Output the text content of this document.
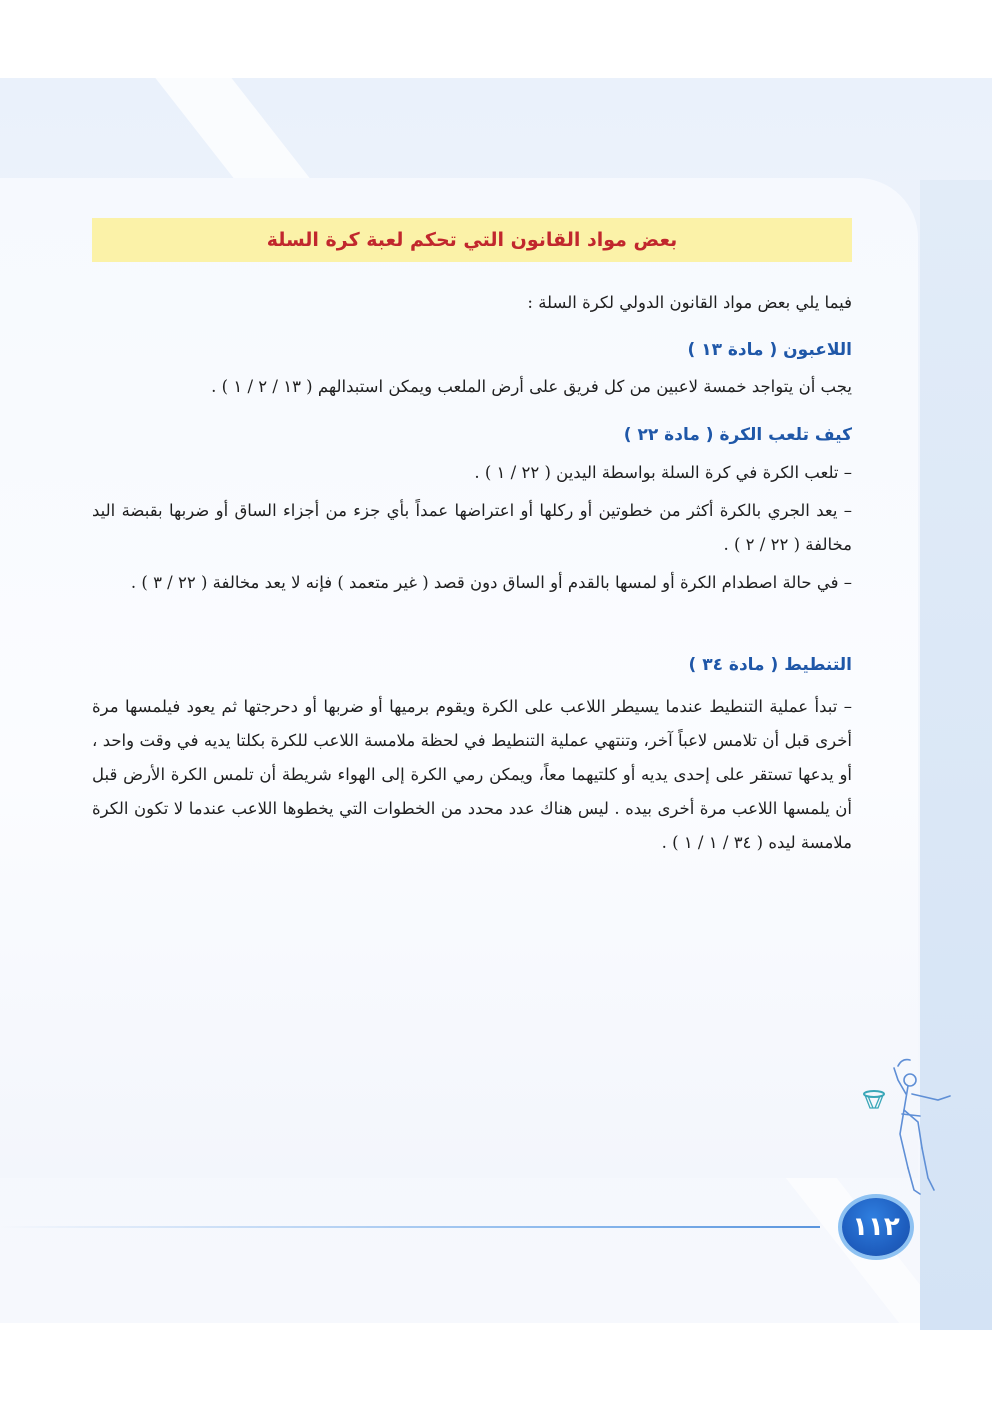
بعض مواد القانون التي تحكم لعبة كرة السلة
فيما يلي بعض مواد القانون الدولي لكرة السلة :
اللاعبون ( مادة ١٣ )
يجب أن يتواجد خمسة لاعبين من كل فريق على أرض الملعب ويمكن استبدالهم ( ١٣ / ٢ / ١ ) .
كيف تلعب الكرة ( مادة ٢٢ )
– تلعب الكرة في كرة السلة بواسطة اليدين ( ٢٢ / ١ ) .
– يعد الجري بالكرة أكثر من خطوتين أو ركلها أو اعتراضها عمداً بأي جزء من أجزاء الساق أو ضربها بقبضة اليد مخالفة ( ٢٢ / ٢ ) .
– في حالة اصطدام الكرة أو لمسها بالقدم أو الساق دون قصد ( غير متعمد ) فإنه لا يعد مخالفة ( ٢٢ / ٣ ) .
التنطيط ( مادة ٣٤ )
– تبدأ عملية التنطيط عندما يسيطر اللاعب على الكرة ويقوم برميها أو ضربها أو دحرجتها ثم يعود فيلمسها مرة أخرى قبل أن تلامس لاعباً آخر، وتنتهي عملية التنطيط في لحظة ملامسة اللاعب للكرة بكلتا يديه في وقت واحد ، أو يدعها تستقر على إحدى يديه أو كلتيهما معاً، ويمكن رمي الكرة إلى الهواء شريطة أن تلمس الكرة الأرض قبل أن يلمسها اللاعب مرة أخرى بيده . ليس هناك عدد محدد من الخطوات التي يخطوها اللاعب عندما لا تكون الكرة ملامسة ليده ( ٣٤ / ١ / ١ ) .
١١٢
